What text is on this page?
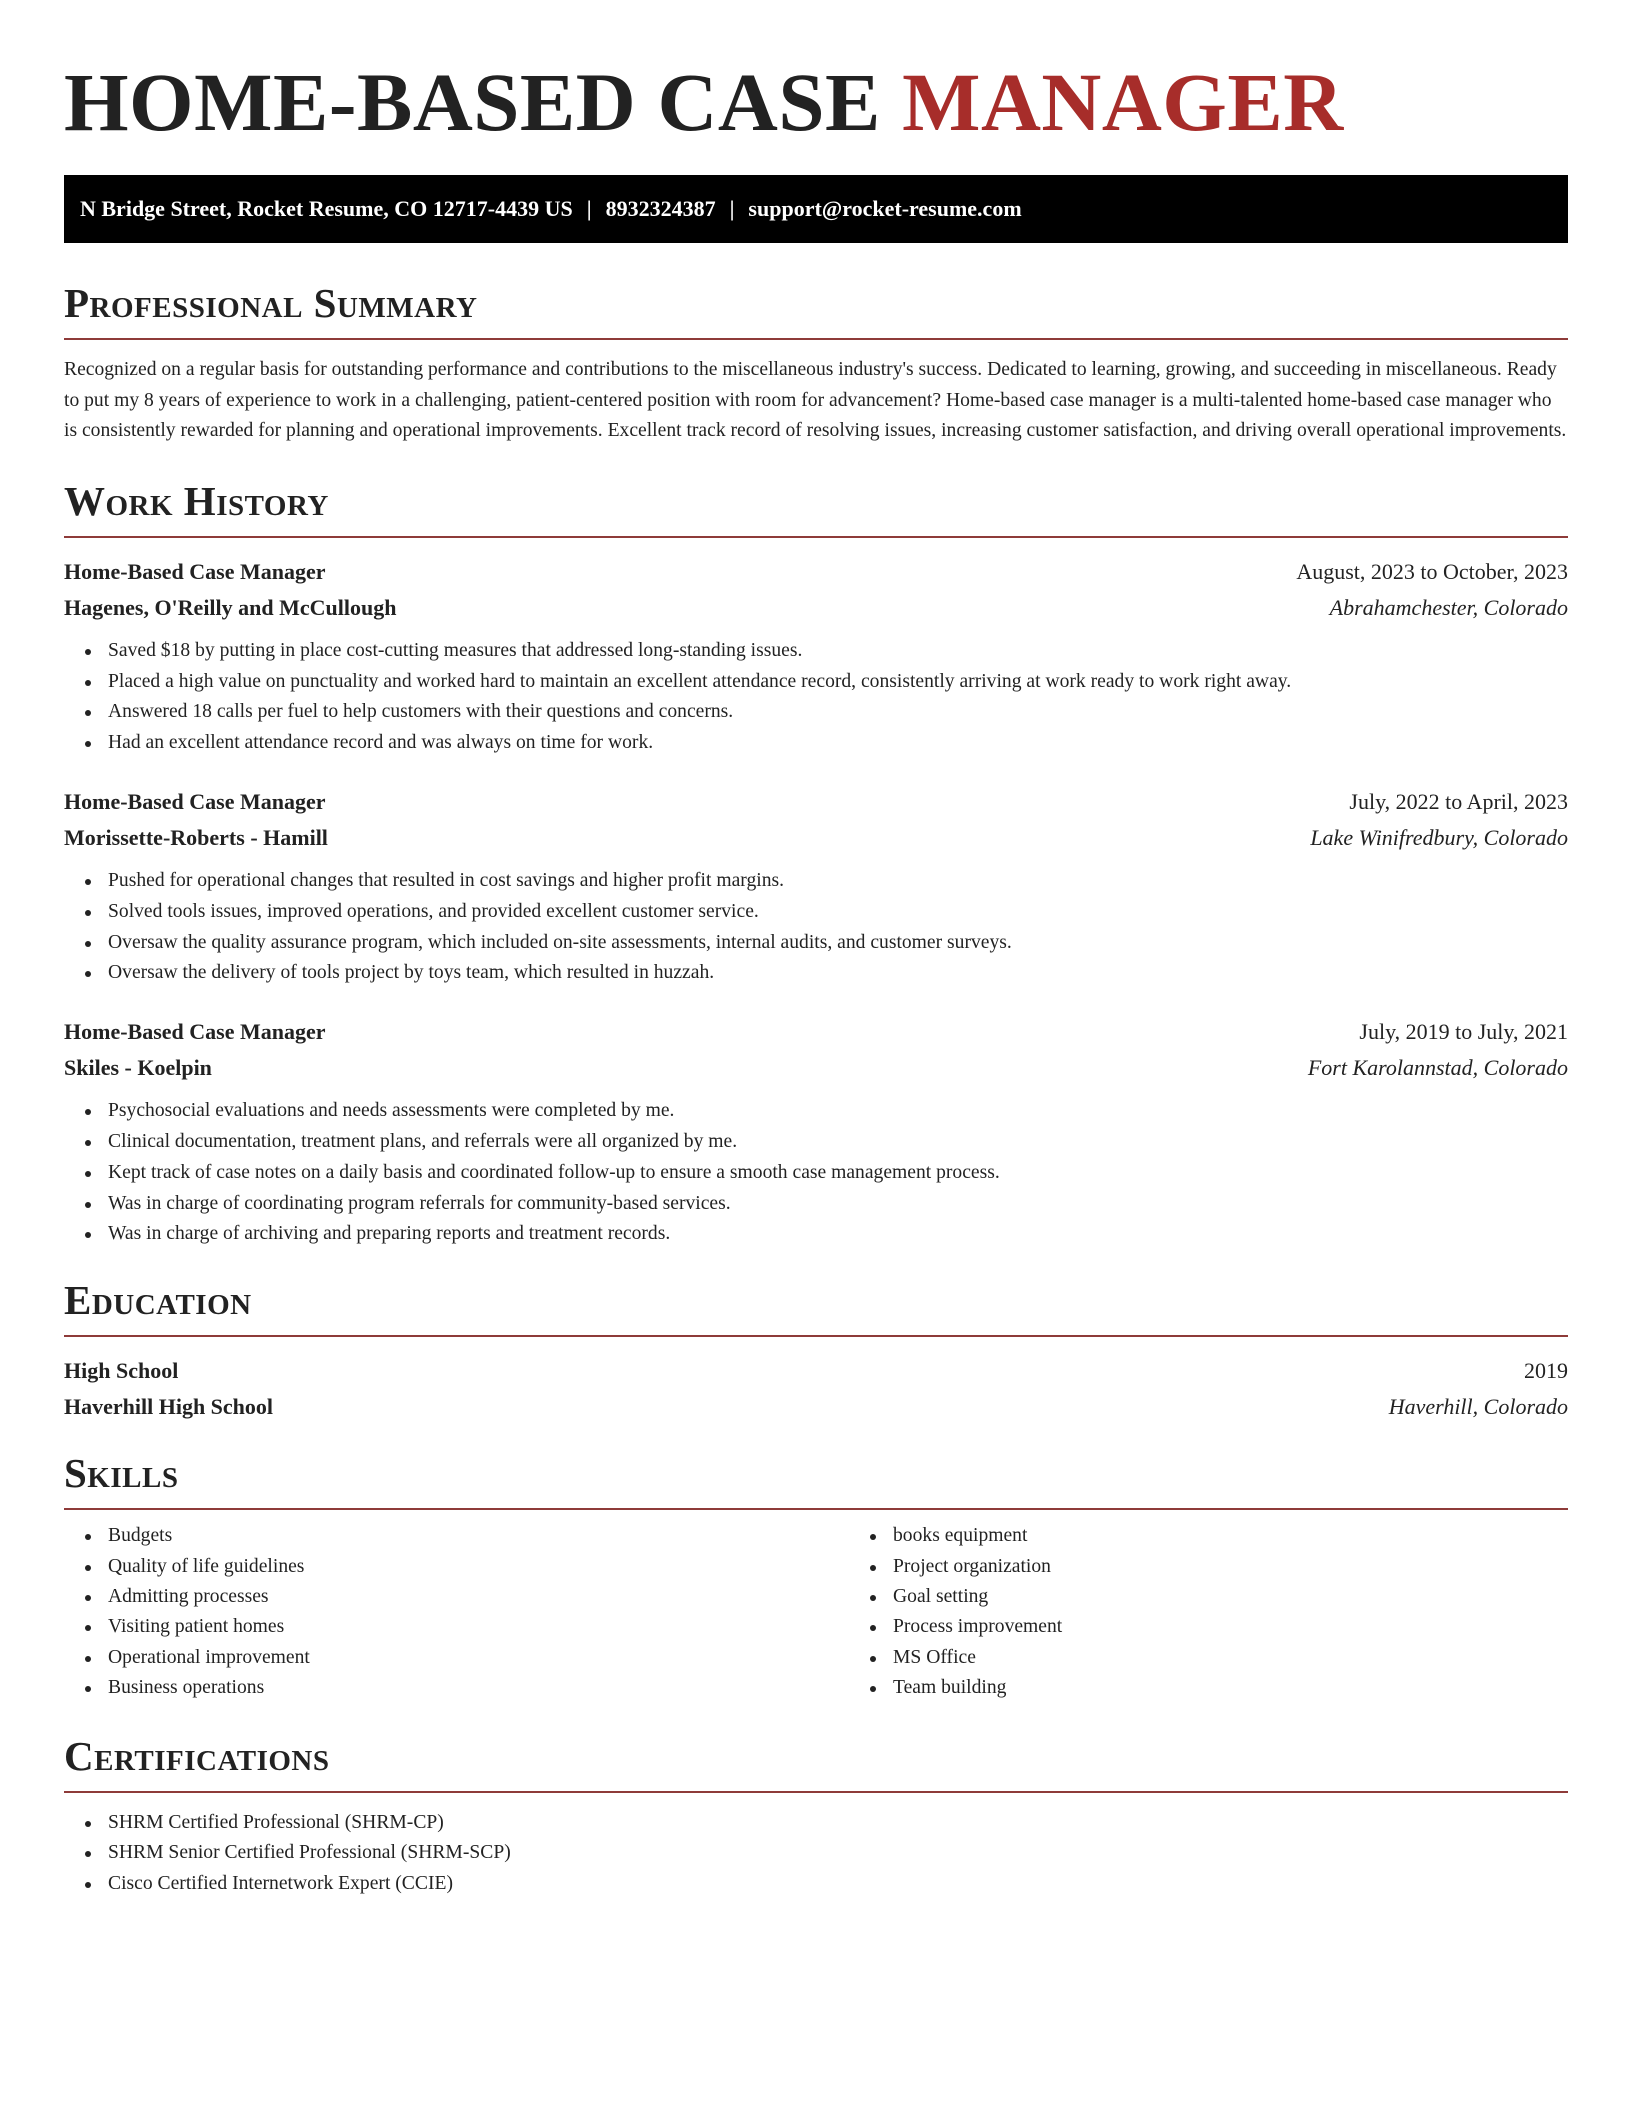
HOME-BASED CASE MANAGER
N Bridge Street, Rocket Resume, CO 12717-4439 US | 8932324387 | support@rocket-resume.com
Professional Summary

Recognized on a regular basis for outstanding performance and contributions to the miscellaneous industry's success. Dedicated to learning, growing, and succeeding in miscellaneous. Ready to put my 8 years of experience to work in a challenging, patient-centered position with room for advancement? Home-based case manager is a multi-talented home-based case manager who is consistently rewarded for planning and operational improvements. Excellent track record of resolving issues, increasing customer satisfaction, and driving overall operational improvements.

Work History
Home-Based Case Manager	August, 2023 to October, 2023
Hagenes, O'Reilly and McCullough	Abrahamchester, Colorado
Saved $18 by putting in place cost-cutting measures that addressed long-standing issues.
Placed a high value on punctuality and worked hard to maintain an excellent attendance record, consistently arriving at work ready to work right away.
Answered 18 calls per fuel to help customers with their questions and concerns.
Had an excellent attendance record and was always on time for work.
Home-Based Case Manager	July, 2022 to April, 2023
Morissette-Roberts - Hamill	Lake Winifredbury, Colorado
Pushed for operational changes that resulted in cost savings and higher profit margins.
Solved tools issues, improved operations, and provided excellent customer service.
Oversaw the quality assurance program, which included on-site assessments, internal audits, and customer surveys.
Oversaw the delivery of tools project by toys team, which resulted in huzzah.
Home-Based Case Manager	July, 2019 to July, 2021
Skiles - Koelpin	Fort Karolannstad, Colorado
Psychosocial evaluations and needs assessments were completed by me.
Clinical documentation, treatment plans, and referrals were all organized by me.
Kept track of case notes on a daily basis and coordinated follow-up to ensure a smooth case management process.
Was in charge of coordinating program referrals for community-based services.
Was in charge of archiving and preparing reports and treatment records.
Education
High School	2019
Haverhill High School	Haverhill, Colorado
Skills
Budgets
Quality of life guidelines
Admitting processes
Visiting patient homes
Operational improvement
Business operations
books equipment
Project organization
Goal setting
Process improvement
MS Office
Team building
Certifications
SHRM Certified Professional (SHRM-CP)
SHRM Senior Certified Professional (SHRM-SCP)
Cisco Certified Internetwork Expert (CCIE)
